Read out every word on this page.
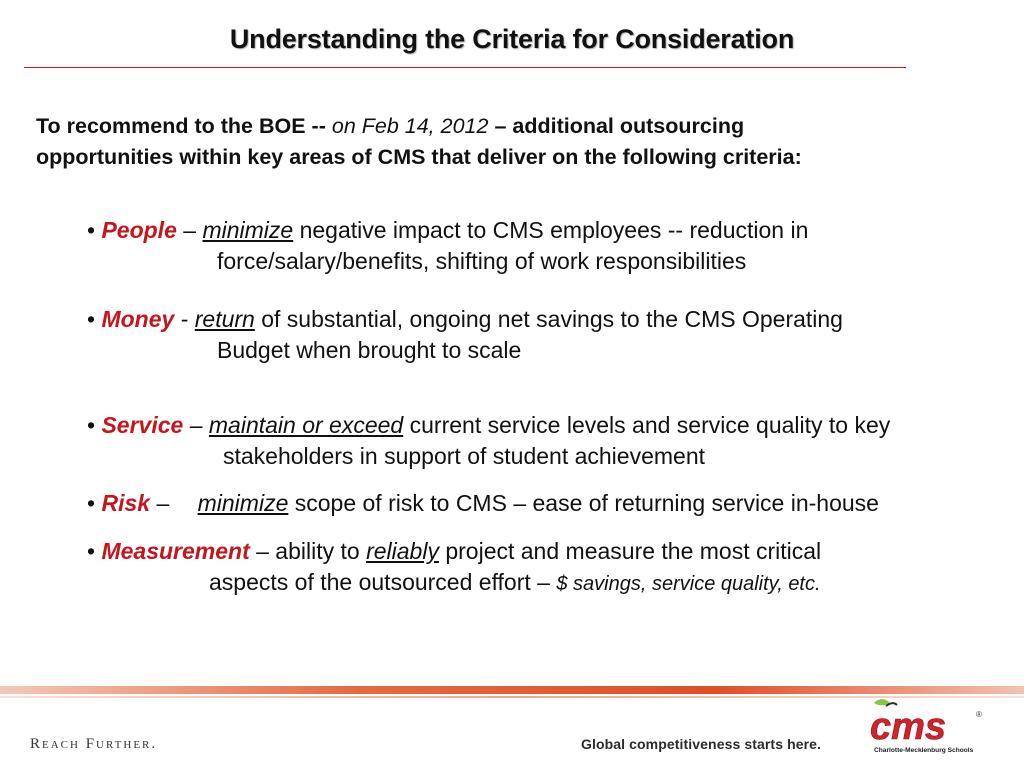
Understanding the Criteria for Consideration

To recommend to the BOE -- on Feb 14, 2012 – additional outsourcing
opportunities within key areas of CMS that deliver on the following criteria:

• People – minimize negative impact to CMS employees -- reduction in
force/salary/benefits, shifting of work responsibilities
• Money - return of substantial, ongoing net savings to the CMS Operating
Budget when brought to scale
• Service – maintain or exceed current service levels and service quality to key
stakeholders in support of student achievement
• Risk – minimize scope of risk to CMS – ease of returning service in-house
• Measurement – ability to reliably project and measure the most critical
aspects of the outsourced effort – $ savings, service quality, etc.
Reach Further.	Global competitiveness starts here. cms	®
Charlotte-Mecklenburg Schools
